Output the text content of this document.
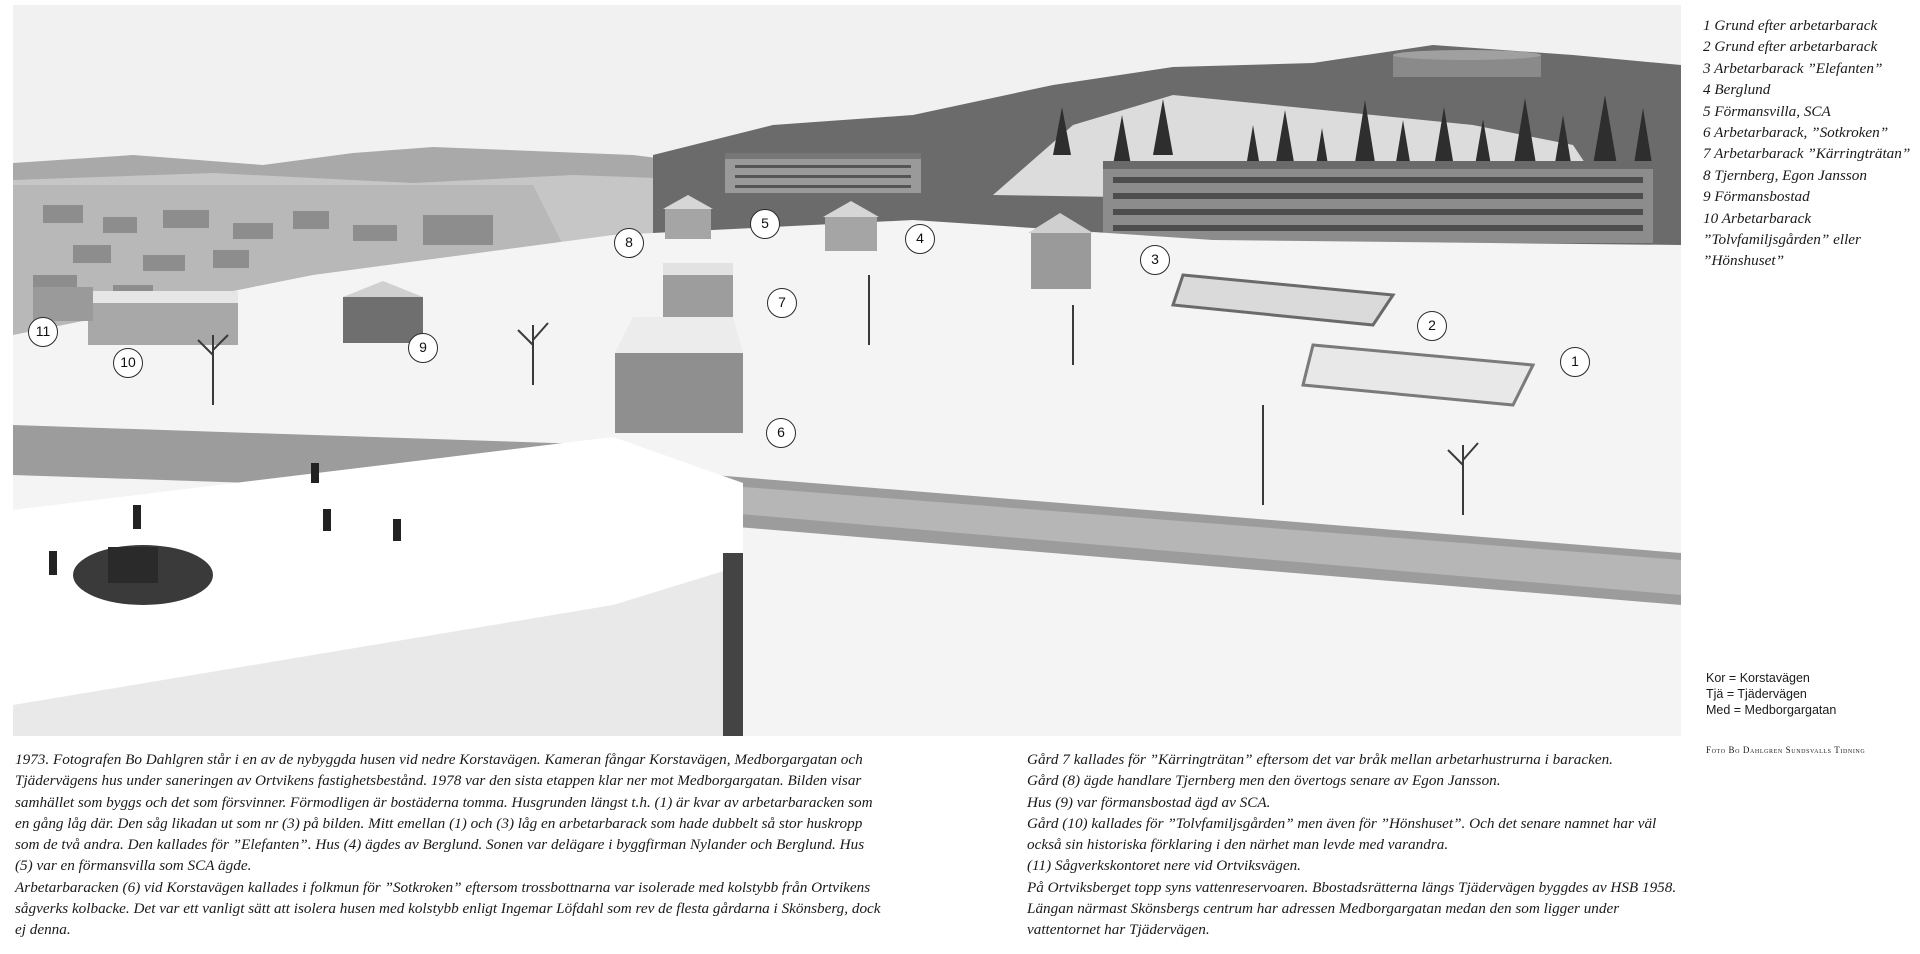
1
2
3
4
5
6
7
8
9
10
11
1 Grund efter arbetarbarack
2 Grund efter arbetarbarack
3 Arbetarbarack ”Elefanten”
4 Berglund
5 Förmansvilla, SCA
6 Arbetarbarack, ”Sotkroken”
7 Arbetarbarack ”Kärringträtan”
8 Tjernberg, Egon Jansson
9 Förmansbostad
10 Arbetarbarack
”Tolvfamiljsgården” eller
”Hönshuset”
Kor = Korstavägen
Tjä = Tjädervägen
Med = Medborgargatan
Foto Bo Dahlgren Sundsvalls Tidning

1973. Fotografen Bo Dahlgren står i en av de nybyggda husen vid nedre Korstavägen. Kameran fångar Korstavägen, Medborgargatan och Tjädervägens hus under saneringen av Ortvikens fastighetsbestånd. 1978 var den sista etappen klar ner mot Medborgargatan. Bilden visar samhället som byggs och det som försvinner. Förmodligen är bostäderna tomma. Husgrunden längst t.h. (1) är kvar av arbetarbaracken som en gång låg där. Den såg likadan ut som nr (3) på bilden. Mitt emellan (1) och (3) låg en arbetarbarack som hade dubbelt så stor huskropp som de två andra. Den kallades för ”Elefanten”. Hus (4) ägdes av Berglund. Sonen var delägare i byggfirman Nylander och Berglund. Hus (5) var en förmansvilla som SCA ägde.

Arbetarbaracken (6) vid Korstavägen kallades i folkmun för ”Sotkroken” eftersom trossbottnarna var isolerade med kolstybb från Ortvikens sågverks kolbacke. Det var ett vanligt sätt att isolera husen med kolstybb enligt Ingemar Löfdahl som rev de flesta gårdarna i Skönsberg, dock ej denna.

Gård 7 kallades för ”Kärringträtan” eftersom det var bråk mellan arbetarhustrurna i baracken.

Gård (8) ägde handlare Tjernberg men den övertogs senare av Egon Jansson.

Hus (9) var förmansbostad ägd av SCA.

Gård (10) kallades för ”Tolvfamiljsgården” men även för ”Hönshuset”. Och det senare namnet har väl också sin historiska förklaring i den närhet man levde med varandra.

(11) Sågverkskontoret nere vid Ortviksvägen.

På Ortviksberget topp syns vattenreservoaren. Bbostadsrätterna längs Tjädervägen byggdes av HSB 1958. Längan närmast Skönsbergs centrum har adressen Medborgargatan medan den som ligger under vattentornet har Tjädervägen.
